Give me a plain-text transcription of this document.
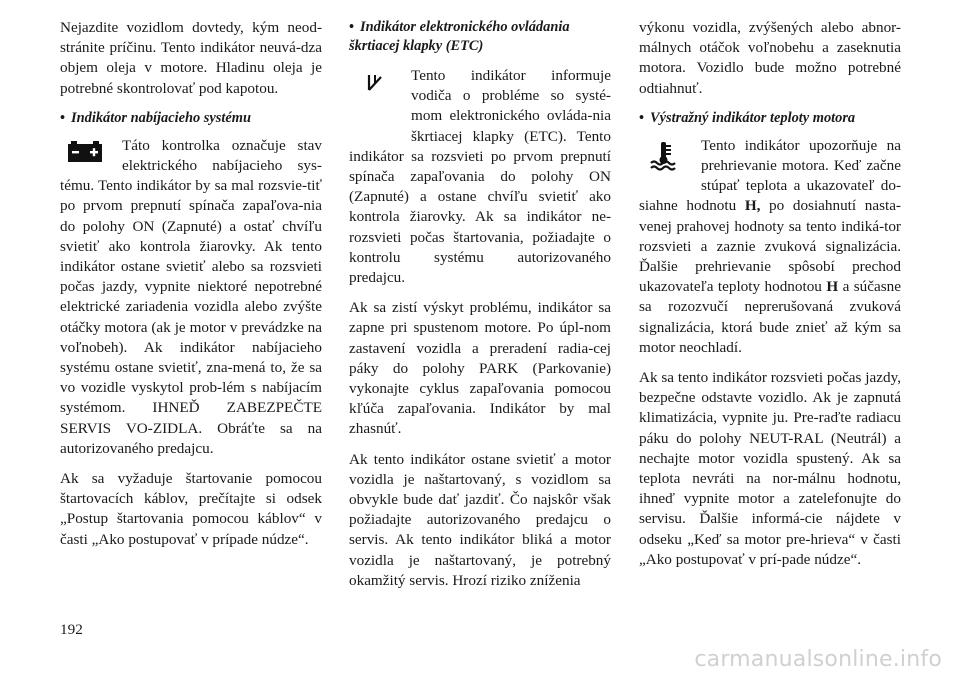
Nejazdite vozidlom dovtedy, kým neod-stránite príčinu. Tento indikátor neuvá-dza objem oleja v motore. Hladinu oleja je potrebné skontrolovať pod kapotou.

• Indikátor nabíjacieho systému

Táto kontrolka označuje stav elektrického nabíjacieho sys-tému. Tento indikátor by sa mal rozsvie-tiť po prvom prepnutí spínača zapaľova-nia do polohy ON (Zapnuté) a ostať chvíľu svietiť ako kontrola žiarovky. Ak tento indikátor ostane svietiť alebo sa rozsvieti počas jazdy, vypnite niektoré nepotrebné elektrické zariadenia vozidla alebo zvýšte otáčky motora (ak je motor v prevádzke na voľnobeh). Ak indikátor nabíjacieho systému ostane svietiť, zna-mená to, že sa vo vozidle vyskytol prob-lém s nabíjacím systémom. IHNEĎ ZABEZPEČTE SERVIS VO-ZIDLA. Obráťte sa na autorizovaného predajcu.

Ak sa vyžaduje štartovanie pomocou štartovacích káblov, prečítajte si odsek „Postup štartovania pomocou káblov“ v časti „Ako postupovať v prípade núdze“.

• Indikátor elektronického ovládania škrtiacej klapky (ETC)

Tento indikátor informuje vodiča o probléme so systé-mom elektronického ovláda-nia škrtiacej klapky (ETC). Tento indikátor sa rozsvieti po prvom prepnutí spínača zapaľovania do polohy ON (Zapnuté) a ostane chvíľu svietiť ako kontrola žiarovky. Ak sa indikátor ne-rozsvieti počas štartovania, požiadajte o kontrolu systému autorizovaného predajcu.

Ak sa zistí výskyt problému, indikátor sa zapne pri spustenom motore. Po úpl-nom zastavení vozidla a preradení radia-cej páky do polohy PARK (Parkovanie) vykonajte cyklus zapaľovania pomocou kľúča zapaľovania. Indikátor by mal zhasnúť.

Ak tento indikátor ostane svietiť a motor vozidla je naštartovaný, s vozidlom sa obvykle bude dať jazdiť. Čo najskôr však požiadajte autorizovaného predajcu o servis. Ak tento indikátor bliká a motor vozidla je naštartovaný, je potrebný okamžitý servis. Hrozí riziko zníženia

výkonu vozidla, zvýšených alebo abnor-málnych otáčok voľnobehu a zaseknutia motora. Vozidlo bude možno potrebné odtiahnuť.

• Výstražný indikátor teploty motora

Tento indikátor upozorňuje na prehrievanie motora. Keď začne stúpať teplota a ukazovateľ do-siahne hodnotu H, po dosiahnutí nasta-venej prahovej hodnoty sa tento indiká-tor rozsvieti a zaznie zvuková signalizácia. Ďalšie prehrievanie spôsobí prechod ukazovateľa teploty hodnotou H a súčasne sa rozozvučí neprerušovaná zvuková signalizácia, ktorá bude znieť až kým sa motor neochladí.

Ak sa tento indikátor rozsvieti počas jazdy, bezpečne odstavte vozidlo. Ak je zapnutá klimatizácia, vypnite ju. Pre-raďte radiacu páku do polohy NEUT-RAL (Neutrál) a nechajte motor vozidla spustený. Ak sa teplota nevráti na nor-málnu hodnotu, ihneď vypnite motor a zatelefonujte do servisu. Ďalšie informá-cie nájdete v odseku „Keď sa motor pre-hrieva“ v časti „Ako postupovať v prí-pade núdze“.

192
carmanualsonline.info
